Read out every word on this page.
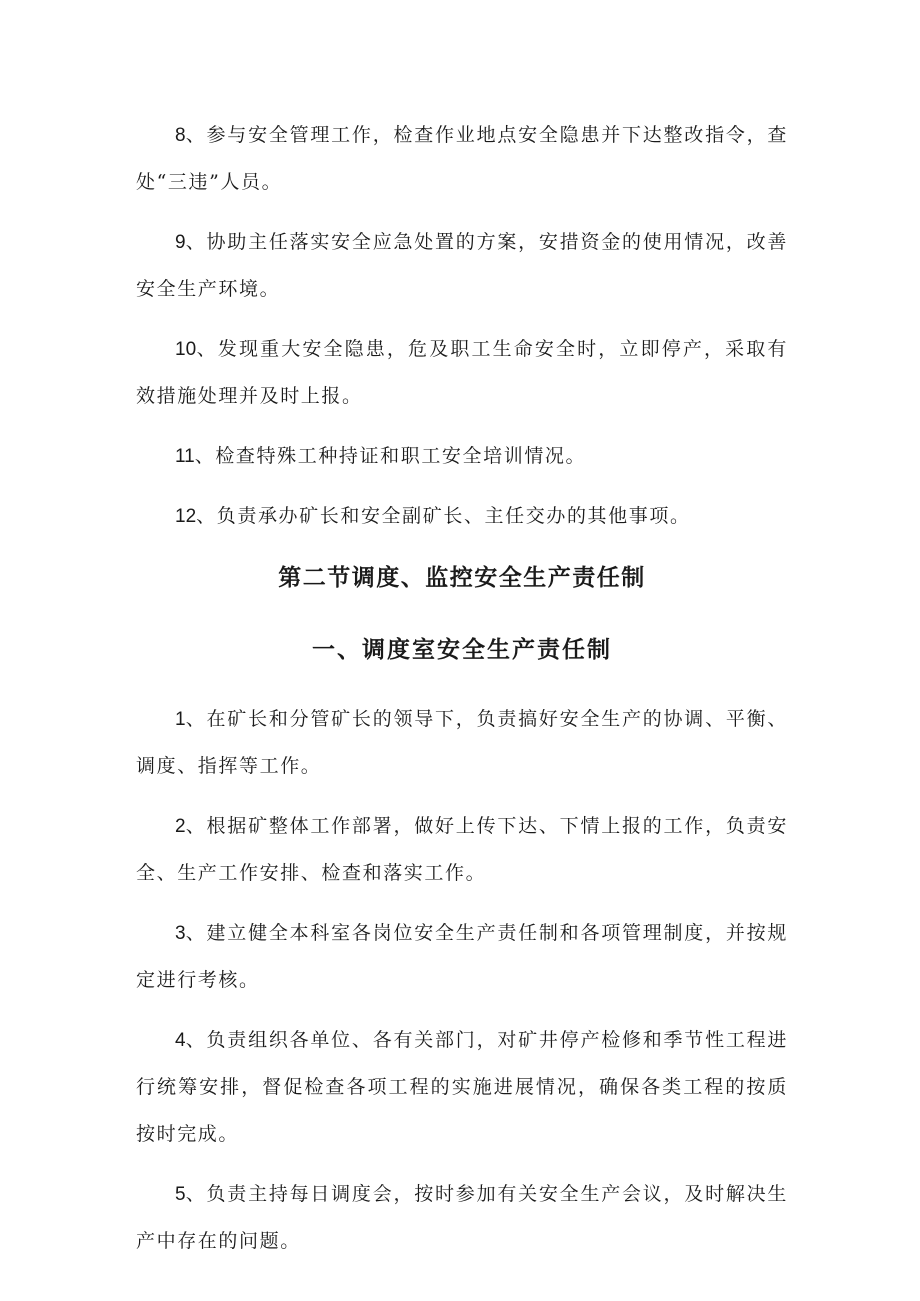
8、参与安全管理工作，检查作业地点安全隐患并下达整改指令，查处“三违”人员。

9、协助主任落实安全应急处置的方案，安措资金的使用情况，改善安全生产环境。

10、发现重大安全隐患，危及职工生命安全时，立即停产，采取有效措施处理并及时上报。

11、检查特殊工种持证和职工安全培训情况。

12、负责承办矿长和安全副矿长、主任交办的其他事项。

第二节调度、监控安全生产责任制
一、调度室安全生产责任制

1、在矿长和分管矿长的领导下，负责搞好安全生产的协调、平衡、调度、指挥等工作。

2、根据矿整体工作部署，做好上传下达、下情上报的工作，负责安全、生产工作安排、检查和落实工作。

3、建立健全本科室各岗位安全生产责任制和各项管理制度，并按规定进行考核。

4、负责组织各单位、各有关部门，对矿井停产检修和季节性工程进行统筹安排，督促检查各项工程的实施进展情况，确保各类工程的按质按时完成。

5、负责主持每日调度会，按时参加有关安全生产会议，及时解决生产中存在的问题。
